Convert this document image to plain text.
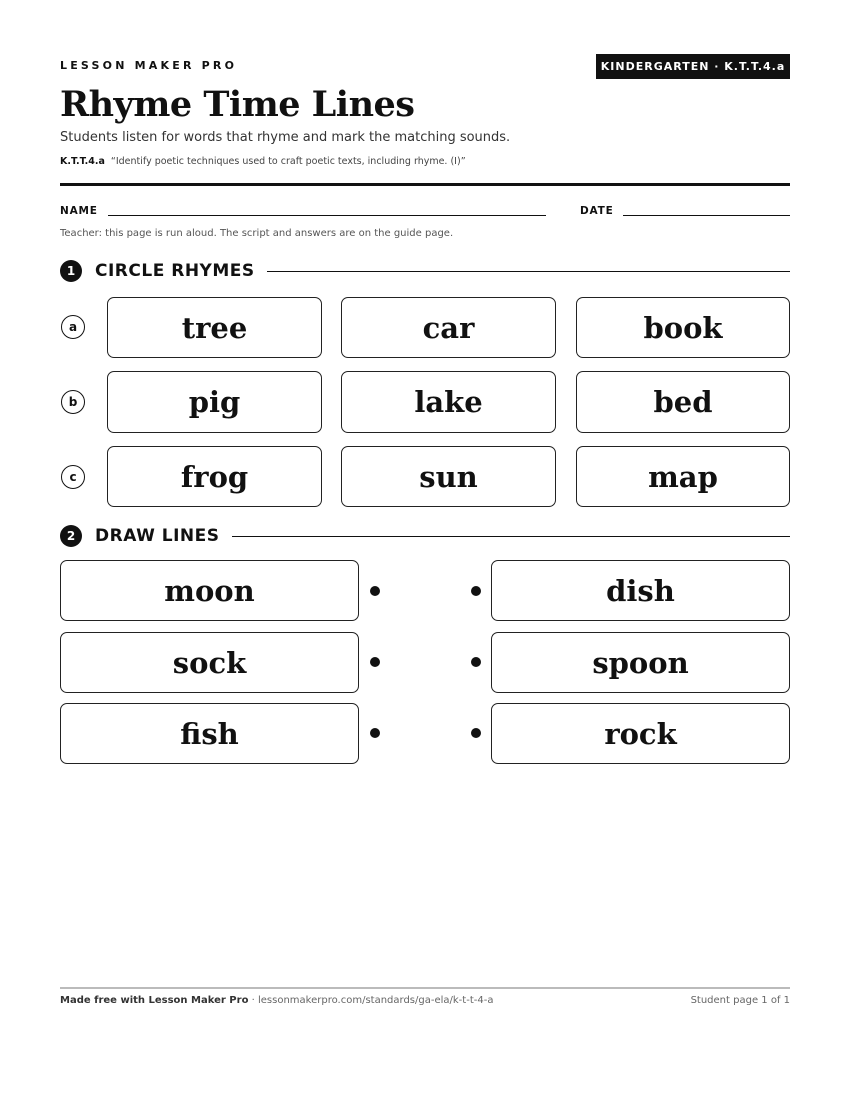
LESSON MAKER PRO	KINDERGARTEN · K.T.T.4.a
Rhyme Time Lines
Students listen for words that rhyme and mark the matching sounds.
K.T.T.4.a “Identify poetic techniques used to craft poetic texts, including rhyme. (I)”
NAME	DATE
Teacher: this page is run aloud. The script and answers are on the guide page.
1	CIRCLE RHYMES
a	tree	car	book
b	pig	lake	bed
c	frog	sun	map
2	DRAW LINES
moon	dish
sock	spoon
fish	rock
Made free with Lesson Maker Pro · lessonmakerpro.com/standards/ga-ela/k-t-t-4-a	Student page 1 of 1
